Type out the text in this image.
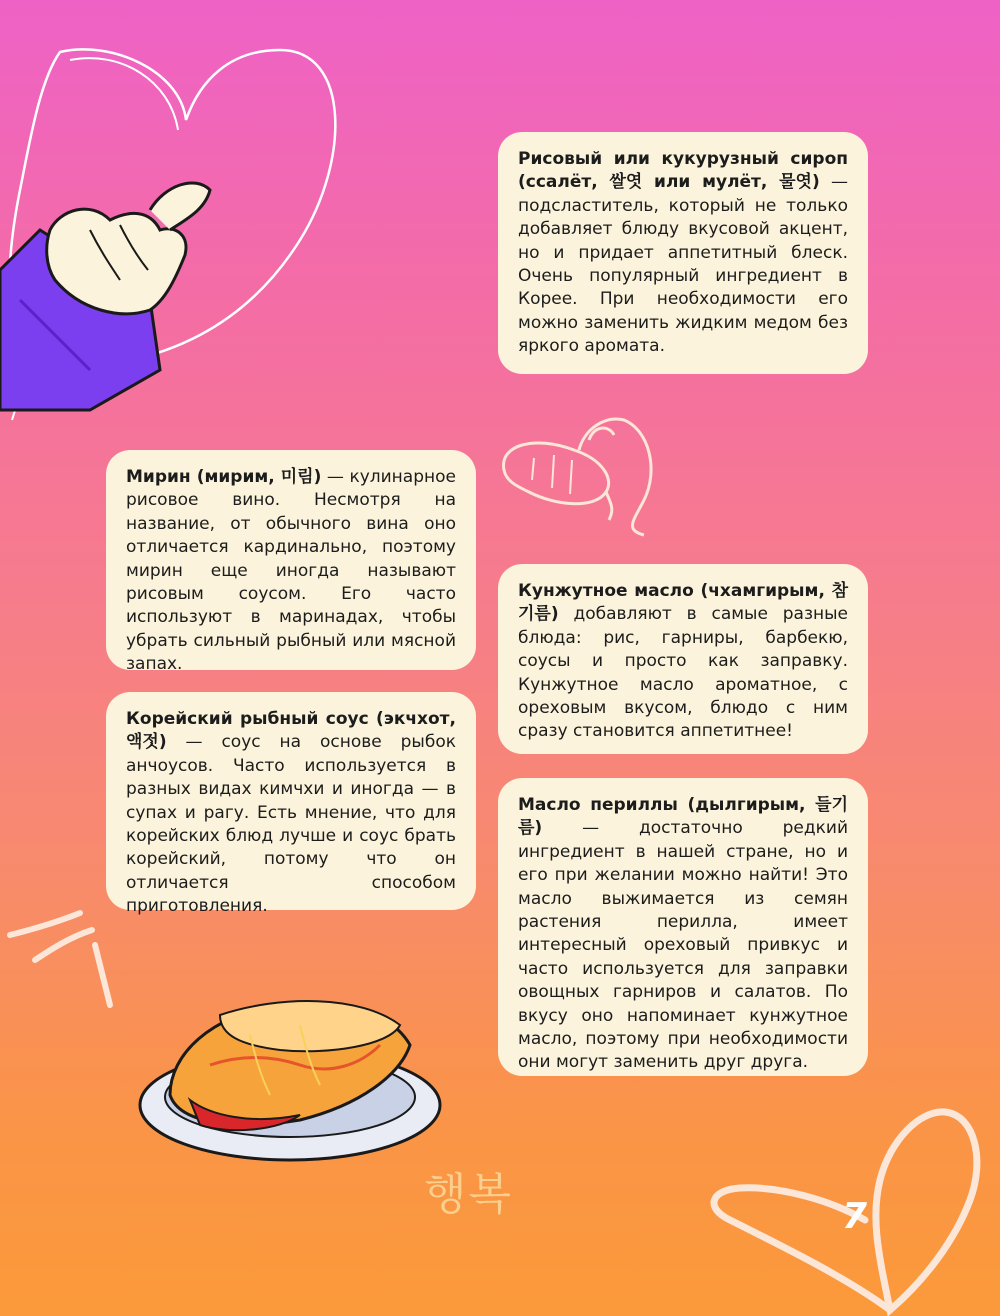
Рисовый или кукурузный сироп (ссалёт, 쌀엿 или мулёт, 물엿) — подсластитель, который не только добавляет блюду вкусовой акцент, но и придает аппетитный блеск. Очень популярный ингредиент в Корее. При необходимости его можно заменить жидким медом без яркого аромата.
Мирин (мирим, 미림) — кулинарное рисовое вино. Несмотря на название, от обычного вина оно отличается кардинально, поэтому мирин еще иногда называют рисовым соусом. Его часто используют в маринадах, чтобы убрать сильный рыбный или мясной запах.
Кунжутное масло (чхамгирым, 참기름) добавляют в самые разные блюда: рис, гарниры, барбекю, соусы и просто как заправку. Кунжутное масло ароматное, с ореховым вкусом, блюдо с ним сразу становится аппетитнее!
Корейский рыбный соус (экчхот, 액젓) — соус на основе рыбок анчоусов. Часто используется в разных видах кимчхи и иногда — в супах и рагу. Есть мнение, что для корейских блюд лучше и соус брать корейский, потому что он отличается способом приготовления.
Масло периллы (дылгирым, 들기름) — достаточно редкий ингредиент в нашей стране, но и его при желании можно найти! Это масло выжимается из семян растения перилла, имеет интересный ореховый привкус и часто используется для заправки овощных гарниров и салатов. По вкусу оно напоминает кунжутное масло, поэтому при необходимости они могут заменить друг друга.
행복	7
